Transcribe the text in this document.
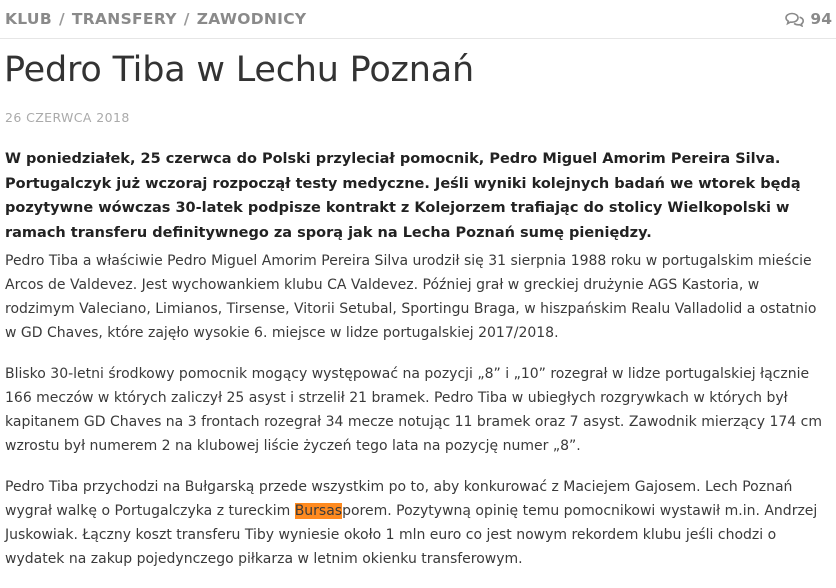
KLUB / TRANSFERY / ZAWODNICY	94
Pedro Tiba w Lechu Poznań
26 CZERWCA 2018

W poniedziałek, 25 czerwca do Polski przyleciał pomocnik, Pedro Miguel Amorim Pereira Silva. Portugalczyk już wczoraj rozpoczął testy medyczne. Jeśli wyniki kolejnych badań we wtorek będą pozytywne wówczas 30-latek podpisze kontrakt z Kolejorzem trafiając do stolicy Wielkopolski w ramach transferu definitywnego za sporą jak na Lecha Poznań sumę pieniędzy.

Pedro Tiba a właściwie Pedro Miguel Amorim Pereira Silva urodził się 31 sierpnia 1988 roku w portugalskim mieście Arcos de Valdevez. Jest wychowankiem klubu CA Valdevez. Później grał w greckiej drużynie AGS Kastoria, w rodzimym Valeciano, Limianos, Tirsense, Vitorii Setubal, Sportingu Braga, w hiszpańskim Realu Valladolid a ostatnio w GD Chaves, które zajęło wysokie 6. miejsce w lidze portugalskiej 2017/2018.

Blisko 30-letni środkowy pomocnik mogący występować na pozycji „8” i „10” rozegrał w lidze portugalskiej łącznie 166 meczów w których zaliczył 25 asyst i strzelił 21 bramek. Pedro Tiba w ubiegłych rozgrywkach w których był kapitanem GD Chaves na 3 frontach rozegrał 34 mecze notując 11 bramek oraz 7 asyst. Zawodnik mierzący 174 cm wzrostu był numerem 2 na klubowej liście życzeń tego lata na pozycję numer „8”.

Pedro Tiba przychodzi na Bułgarską przede wszystkim po to, aby konkurować z Maciejem Gajosem. Lech Poznań wygrał walkę o Portugalczyka z tureckim Bursasporem. Pozytywną opinię temu pomocnikowi wystawił m.in. Andrzej Juskowiak. Łączny koszt transferu Tiby wyniesie około 1 mln euro co jest nowym rekordem klubu jeśli chodzi o wydatek na zakup pojedynczego piłkarza w letnim okienku transferowym.
